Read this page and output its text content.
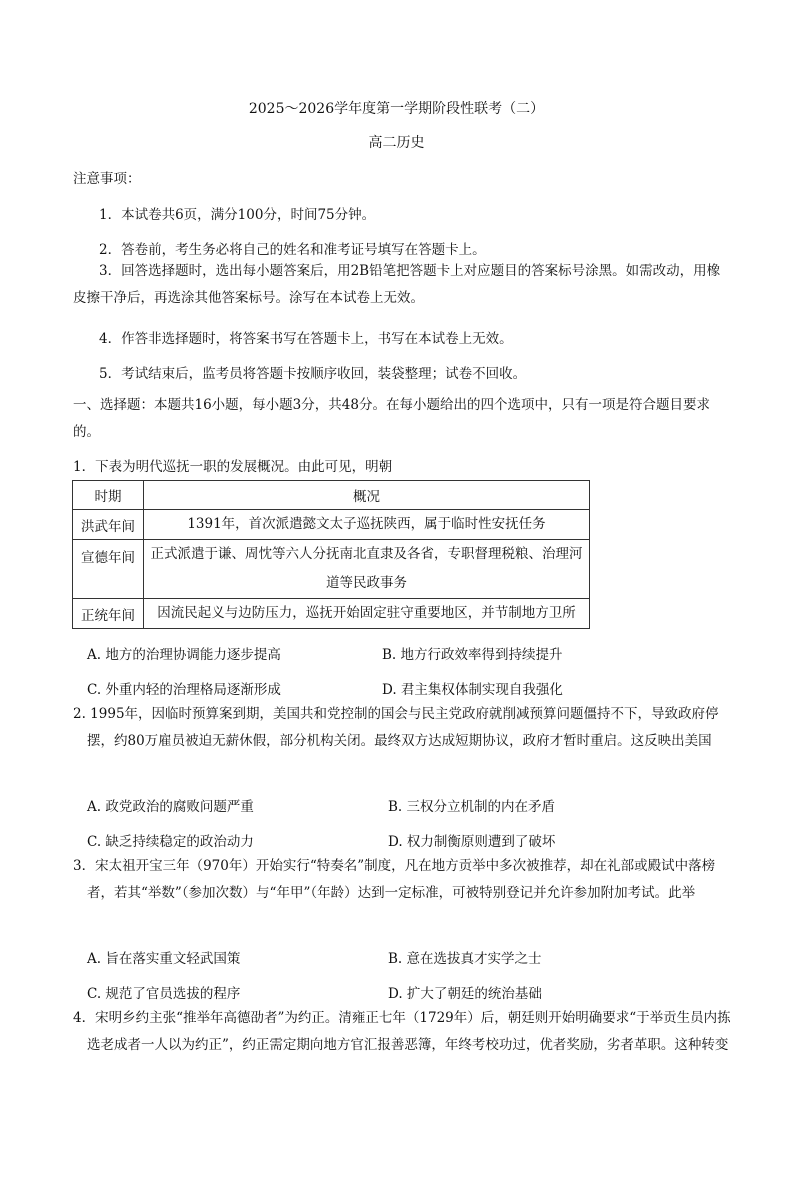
2025～2026学年度第一学期阶段性联考（二）
高二历史
注意事项：
1．本试卷共6页，满分100分，时间75分钟。
2．答卷前，考生务必将自己的姓名和准考证号填写在答题卡上。
3．回答选择题时，选出每小题答案后，用2B铅笔把答题卡上对应题目的答案标号涂黑。如需改动，用橡皮擦干净后，再选涂其他答案标号。涂写在本试卷上无效。
4．作答非选择题时，将答案书写在答题卡上，书写在本试卷上无效。
5．考试结束后，监考员将答题卡按顺序收回，装袋整理；试卷不回收。
一、选择题：本题共16小题，每小题3分，共48分。在每小题给出的四个选项中，只有一项是符合题目要求的。
1．下表为明代巡抚一职的发展概况。由此可见，明朝
时期	概况
洪武年间	1391年，首次派遣懿文太子巡抚陕西，属于临时性安抚任务
宣德年间	正式派遣于谦、周忱等六人分抚南北直隶及各省，专职督理税粮、治理河道等民政事务
正统年间	因流民起义与边防压力，巡抚开始固定驻守重要地区，并节制地方卫所
A. 地方的治理协调能力逐步提高	B. 地方行政效率得到持续提升
C. 外重内轻的治理格局逐渐形成	D. 君主集权体制实现自我强化
2. 1995年，因临时预算案到期，美国共和党控制的国会与民主党政府就削减预算问题僵持不下，导致政府停摆，约80万雇员被迫无薪休假，部分机构关闭。最终双方达成短期协议，政府才暂时重启。这反映出美国
A. 政党政治的腐败问题严重	B. 三权分立机制的内在矛盾
C. 缺乏持续稳定的政治动力	D. 权力制衡原则遭到了破坏
3．宋太祖开宝三年（970年）开始实行“特奏名”制度，凡在地方贡举中多次被推荐，却在礼部或殿试中落榜者，若其“举数”（参加次数）与“年甲”（年龄）达到一定标准，可被特别登记并允许参加附加考试。此举
A. 旨在落实重文轻武国策	B. 意在选拔真才实学之士
C. 规范了官员选拔的程序	D. 扩大了朝廷的统治基础
4．宋明乡约主张“推举年高德劭者”为约正。清雍正七年（1729年）后，朝廷则开始明确要求“于举贡生员内拣选老成者一人以为约正”，约正需定期向地方官汇报善恶簿，年终考校功过，优者奖励，劣者革职。这种转变
